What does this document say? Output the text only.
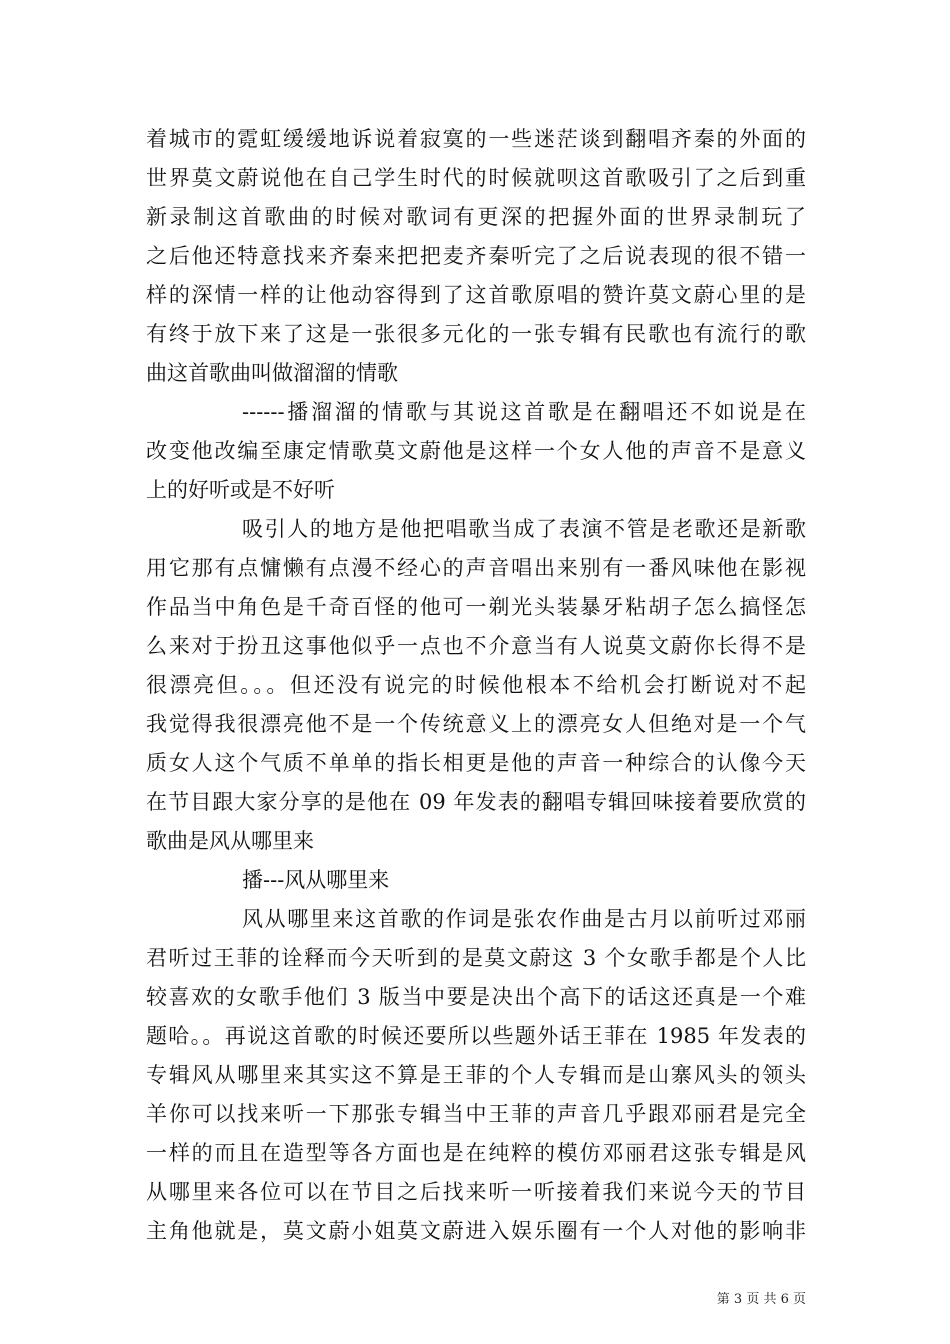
着城市的霓虹缓缓地诉说着寂寞的一些迷茫谈到翻唱齐秦的外面的
世界莫文蔚说他在自己学生时代的时候就呗这首歌吸引了之后到重
新录制这首歌曲的时候对歌词有更深的把握外面的世界录制玩了
之后他还特意找来齐秦来把把麦齐秦听完了之后说表现的很不错一
样的深情一样的让他动容得到了这首歌原唱的赞许莫文蔚心里的是
有终于放下来了这是一张很多元化的一张专辑有民歌也有流行的歌
曲这首歌曲叫做溜溜的情歌
------播溜溜的情歌与其说这首歌是在翻唱还不如说是在
改变他改编至康定情歌莫文蔚他是这样一个女人他的声音不是意义
上的好听或是不好听
吸引人的地方是他把唱歌当成了表演不管是老歌还是新歌
用它那有点慵懒有点漫不经心的声音唱出来别有一番风味他在影视
作品当中角色是千奇百怪的他可一剃光头装暴牙粘胡子怎么搞怪怎
么来对于扮丑这事他似乎一点也不介意当有人说莫文蔚你长得不是
很漂亮但。。。但还没有说完的时候他根本不给机会打断说对不起
我觉得我很漂亮他不是一个传统意义上的漂亮女人但绝对是一个气
质女人这个气质不单单的指长相更是他的声音一种综合的认像今天
在节目跟大家分享的是他在 09 年发表的翻唱专辑回味接着要欣赏的
歌曲是风从哪里来
播---风从哪里来
风从哪里来这首歌的作词是张农作曲是古月以前听过邓丽
君听过王菲的诠释而今天听到的是莫文蔚这 3 个女歌手都是个人比
较喜欢的女歌手他们 3 版当中要是决出个高下的话这还真是一个难
题哈。。再说这首歌的时候还要所以些题外话王菲在 1985 年发表的
专辑风从哪里来其实这不算是王菲的个人专辑而是山寨风头的领头
羊你可以找来听一下那张专辑当中王菲的声音几乎跟邓丽君是完全
一样的而且在造型等各方面也是在纯粹的模仿邓丽君这张专辑是风
从哪里来各位可以在节目之后找来听一听接着我们来说今天的节目
主角他就是，莫文蔚小姐莫文蔚进入娱乐圈有一个人对他的影响非
第 3 页 共 6 页
